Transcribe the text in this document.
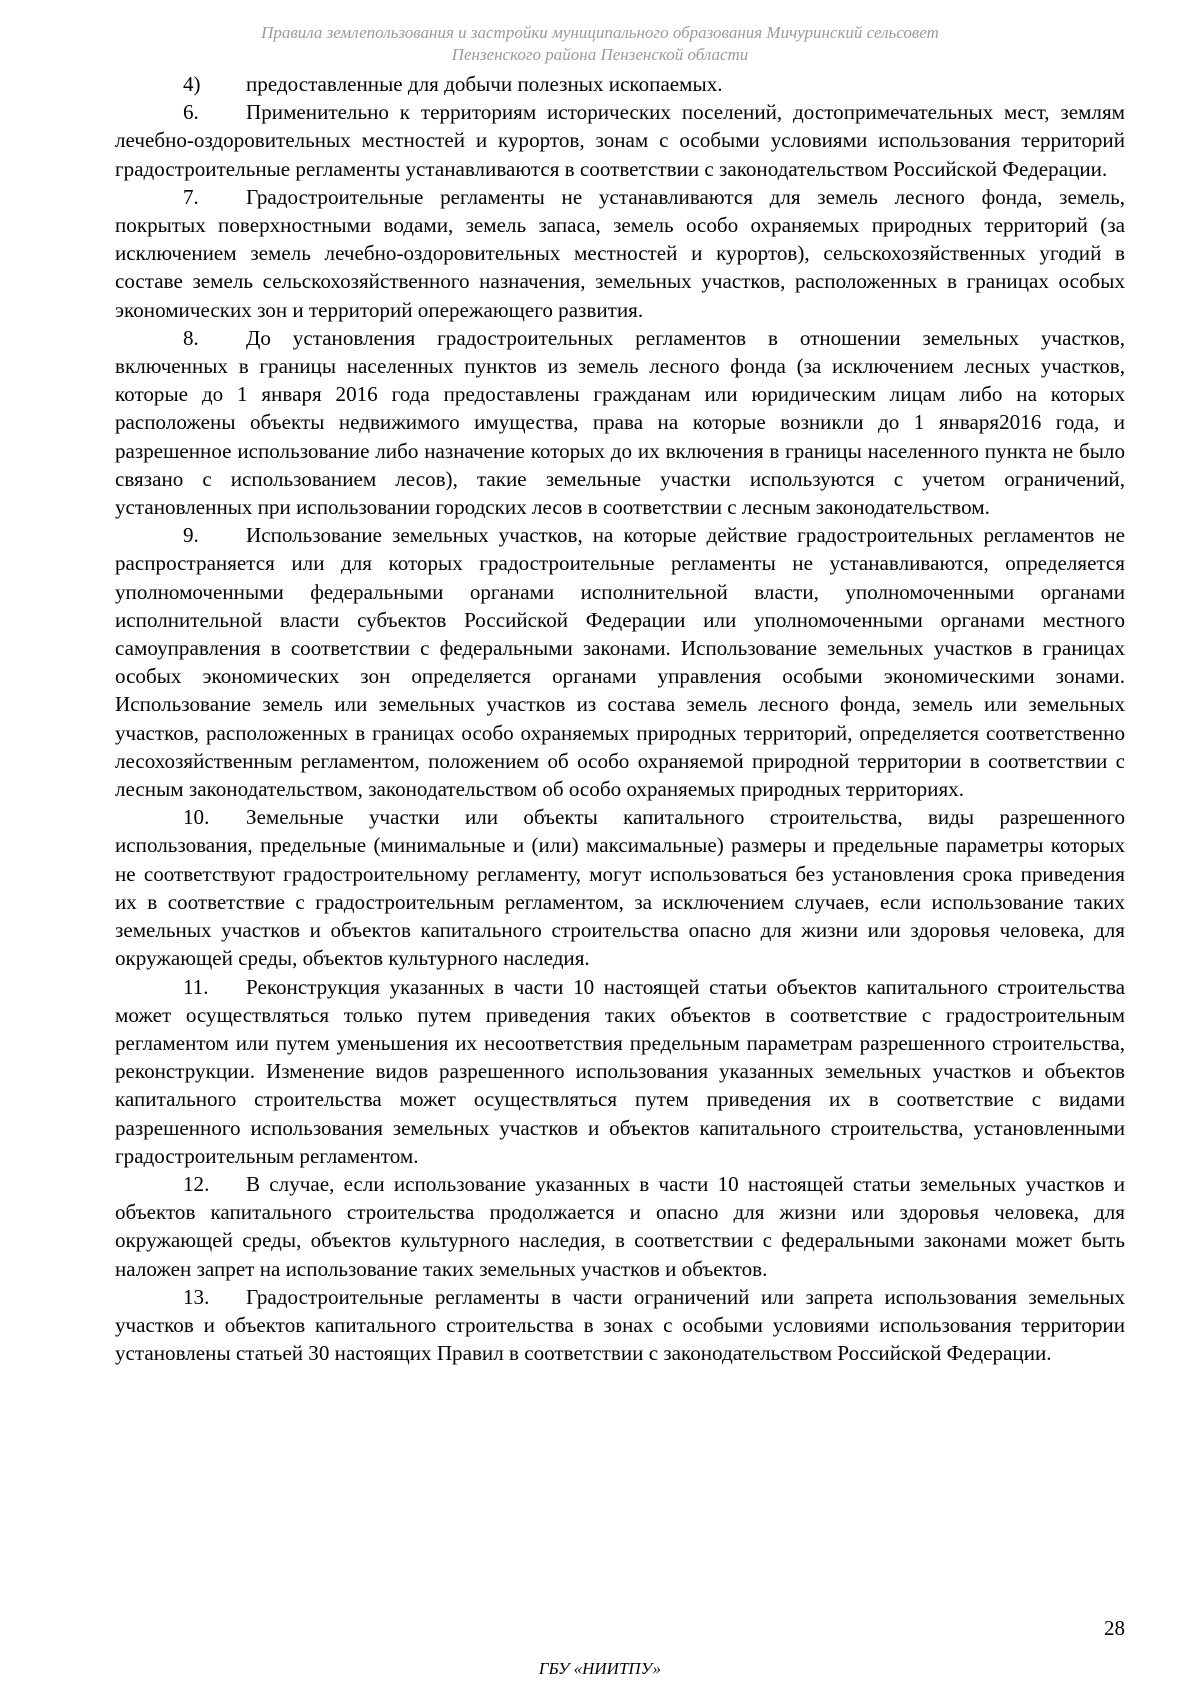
Правила землепользования и застройки муниципального образования Мичуринский сельсовет
Пензенского района Пензенской области

4) предоставленные для добычи полезных ископаемых.

6. Применительно к территориям исторических поселений, достопримечательных мест, землям лечебно-оздоровительных местностей и курортов, зонам с особыми условиями использования территорий градостроительные регламенты устанавливаются в соответствии с законодательством Российской Федерации.

7. Градостроительные регламенты не устанавливаются для земель лесного фонда, земель, покрытых поверхностными водами, земель запаса, земель особо охраняемых природных территорий (за исключением земель лечебно-оздоровительных местностей и курортов), сельскохозяйственных угодий в составе земель сельскохозяйственного назначения, земельных участков, расположенных в границах особых экономических зон и территорий опережающего развития.

8. До установления градостроительных регламентов в отношении земельных участков, включенных в границы населенных пунктов из земель лесного фонда (за исключением лесных участков, которые до 1 января 2016 года предоставлены гражданам или юридическим лицам либо на которых расположены объекты недвижимого имущества, права на которые возникли до 1 января2016 года, и разрешенное использование либо назначение которых до их включения в границы населенного пункта не было связано с использованием лесов), такие земельные участки используются с учетом ограничений, установленных при использовании городских лесов в соответствии с лесным законодательством.

9. Использование земельных участков, на которые действие градостроительных регламентов не распространяется или для которых градостроительные регламенты не устанавливаются, определяется уполномоченными федеральными органами исполнительной власти, уполномоченными органами исполнительной власти субъектов Российской Федерации или уполномоченными органами местного самоуправления в соответствии с федеральными законами. Использование земельных участков в границах особых экономических зон определяется органами управления особыми экономическими зонами. Использование земель или земельных участков из состава земель лесного фонда, земель или земельных участков, расположенных в границах особо охраняемых природных территорий, определяется соответственно лесохозяйственным регламентом, положением об особо охраняемой природной территории в соответствии с лесным законодательством, законодательством об особо охраняемых природных территориях.

10. Земельные участки или объекты капитального строительства, виды разрешенного использования, предельные (минимальные и (или) максимальные) размеры и предельные параметры которых не соответствуют градостроительному регламенту, могут использоваться без установления срока приведения их в соответствие с градостроительным регламентом, за исключением случаев, если использование таких земельных участков и объектов капитального строительства опасно для жизни или здоровья человека, для окружающей среды, объектов культурного наследия.

11. Реконструкция указанных в части 10 настоящей статьи объектов капитального строительства может осуществляться только путем приведения таких объектов в соответствие с градостроительным регламентом или путем уменьшения их несоответствия предельным параметрам разрешенного строительства, реконструкции. Изменение видов разрешенного использования указанных земельных участков и объектов капитального строительства может осуществляться путем приведения их в соответствие с видами разрешенного использования земельных участков и объектов капитального строительства, установленными градостроительным регламентом.

12. В случае, если использование указанных в части 10 настоящей статьи земельных участков и объектов капитального строительства продолжается и опасно для жизни или здоровья человека, для окружающей среды, объектов культурного наследия, в соответствии с федеральными законами может быть наложен запрет на использование таких земельных участков и объектов.

13. Градостроительные регламенты в части ограничений или запрета использования земельных участков и объектов капитального строительства в зонах с особыми условиями использования территории установлены статьей 30 настоящих Правил в соответствии с законодательством Российской Федерации.

28
ГБУ «НИИТПУ»
